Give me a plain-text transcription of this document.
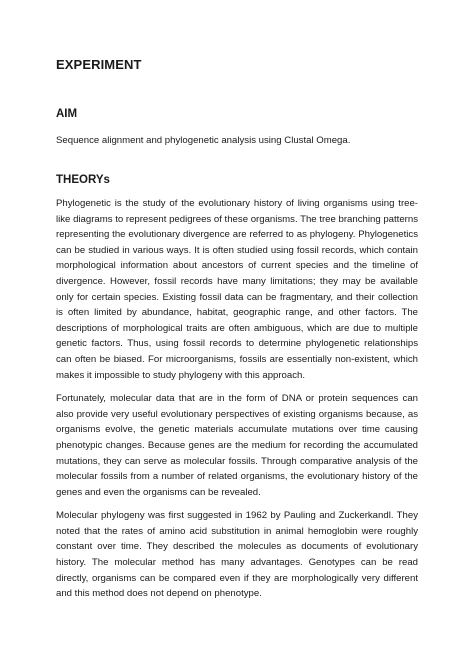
EXPERIMENT
AIM

Sequence alignment and phylogenetic analysis using Clustal Omega.

THEORYs

Phylogenetic is the study of the evolutionary history of living organisms using tree-like diagrams to represent pedigrees of these organisms. The tree branching patterns representing the evolutionary divergence are referred to as phylogeny. Phylogenetics can be studied in various ways. It is often studied using fossil records, which contain morphological information about ancestors of current species and the timeline of divergence. However, fossil records have many limitations; they may be available only for certain species. Existing fossil data can be fragmentary, and their collection is often limited by abundance, habitat, geographic range, and other factors. The descriptions of morphological traits are often ambiguous, which are due to multiple genetic factors. Thus, using fossil records to determine phylogenetic relationships can often be biased. For microorganisms, fossils are essentially non-existent, which makes it impossible to study phylogeny with this approach.

Fortunately, molecular data that are in the form of DNA or protein sequences can also provide very useful evolutionary perspectives of existing organisms because, as organisms evolve, the genetic materials accumulate mutations over time causing phenotypic changes. Because genes are the medium for recording the accumulated mutations, they can serve as molecular fossils. Through comparative analysis of the molecular fossils from a number of related organisms, the evolutionary history of the genes and even the organisms can be revealed.

Molecular phylogeny was first suggested in 1962 by Pauling and Zuckerkandl. They noted that the rates of amino acid substitution in animal hemoglobin were roughly constant over time. They described the molecules as documents of evolutionary history. The molecular method has many advantages. Genotypes can be read directly, organisms can be compared even if they are morphologically very different and this method does not depend on phenotype.
